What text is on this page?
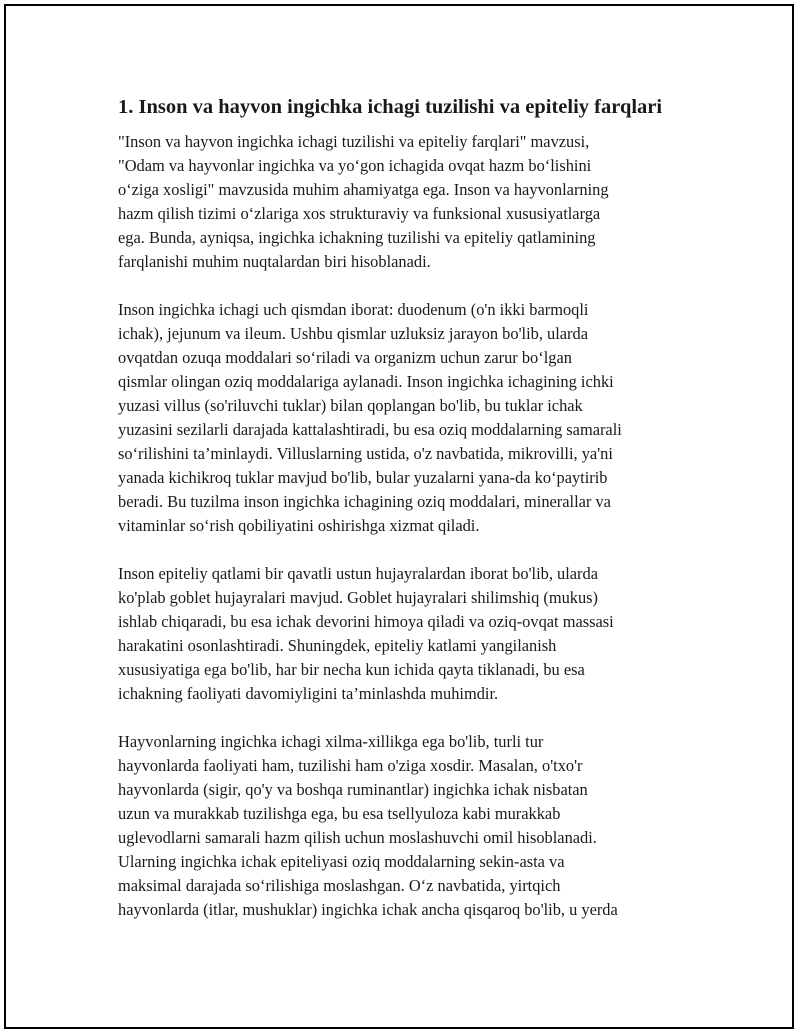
1. Inson va hayvon ingichka ichagi tuzilishi va epiteliy farqlari
"Inson va hayvon ingichka ichagi tuzilishi va epiteliy farqlari" mavzusi,
"Odam va hayvonlar ingichka va yo‘gon ichagida ovqat hazm bo‘lishini
o‘ziga xosligi" mavzusida muhim ahamiyatga ega. Inson va hayvonlarning
hazm qilish tizimi o‘zlariga xos strukturaviy va funksional xususiyatlarga
ega. Bunda, ayniqsa, ingichka ichakning tuzilishi va epiteliy qatlamining
farqlanishi muhim nuqtalardan biri hisoblanadi.
Inson ingichka ichagi uch qismdan iborat: duodenum (o'n ikki barmoqli
ichak), jejunum va ileum. Ushbu qismlar uzluksiz jarayon bo'lib, ularda
ovqatdan ozuqa moddalari so‘riladi va organizm uchun zarur bo‘lgan
qismlar olingan oziq moddalariga aylanadi. Inson ingichka ichagining ichki
yuzasi villus (so'riluvchi tuklar) bilan qoplangan bo'lib, bu tuklar ichak
yuzasini sezilarli darajada kattalashtiradi, bu esa oziq moddalarning samarali
so‘rilishini ta’minlaydi. Villuslarning ustida, o'z navbatida, mikrovilli, ya'ni
yanada kichikroq tuklar mavjud bo'lib, bular yuzalarni yana-da ko‘paytirib
beradi. Bu tuzilma inson ingichka ichagining oziq moddalari, minerallar va
vitaminlar so‘rish qobiliyatini oshirishga xizmat qiladi.
Inson epiteliy qatlami bir qavatli ustun hujayralardan iborat bo'lib, ularda
ko'plab goblet hujayralari mavjud. Goblet hujayralari shilimshiq (mukus)
ishlab chiqaradi, bu esa ichak devorini himoya qiladi va oziq-ovqat massasi
harakatini osonlashtiradi. Shuningdek, epiteliy katlami yangilanish
xususiyatiga ega bo'lib, har bir necha kun ichida qayta tiklanadi, bu esa
ichakning faoliyati davomiyligini ta’minlashda muhimdir.
Hayvonlarning ingichka ichagi xilma-xillikga ega bo'lib, turli tur
hayvonlarda faoliyati ham, tuzilishi ham o'ziga xosdir. Masalan, o'txo'r
hayvonlarda (sigir, qo'y va boshqa ruminantlar) ingichka ichak nisbatan
uzun va murakkab tuzilishga ega, bu esa tsellyuloza kabi murakkab
uglevodlarni samarali hazm qilish uchun moslashuvchi omil hisoblanadi.
Ularning ingichka ichak epiteliyasi oziq moddalarning sekin-asta va
maksimal darajada so‘rilishiga moslashgan. O‘z navbatida, yirtqich
hayvonlarda (itlar, mushuklar) ingichka ichak ancha qisqaroq bo'lib, u yerda
